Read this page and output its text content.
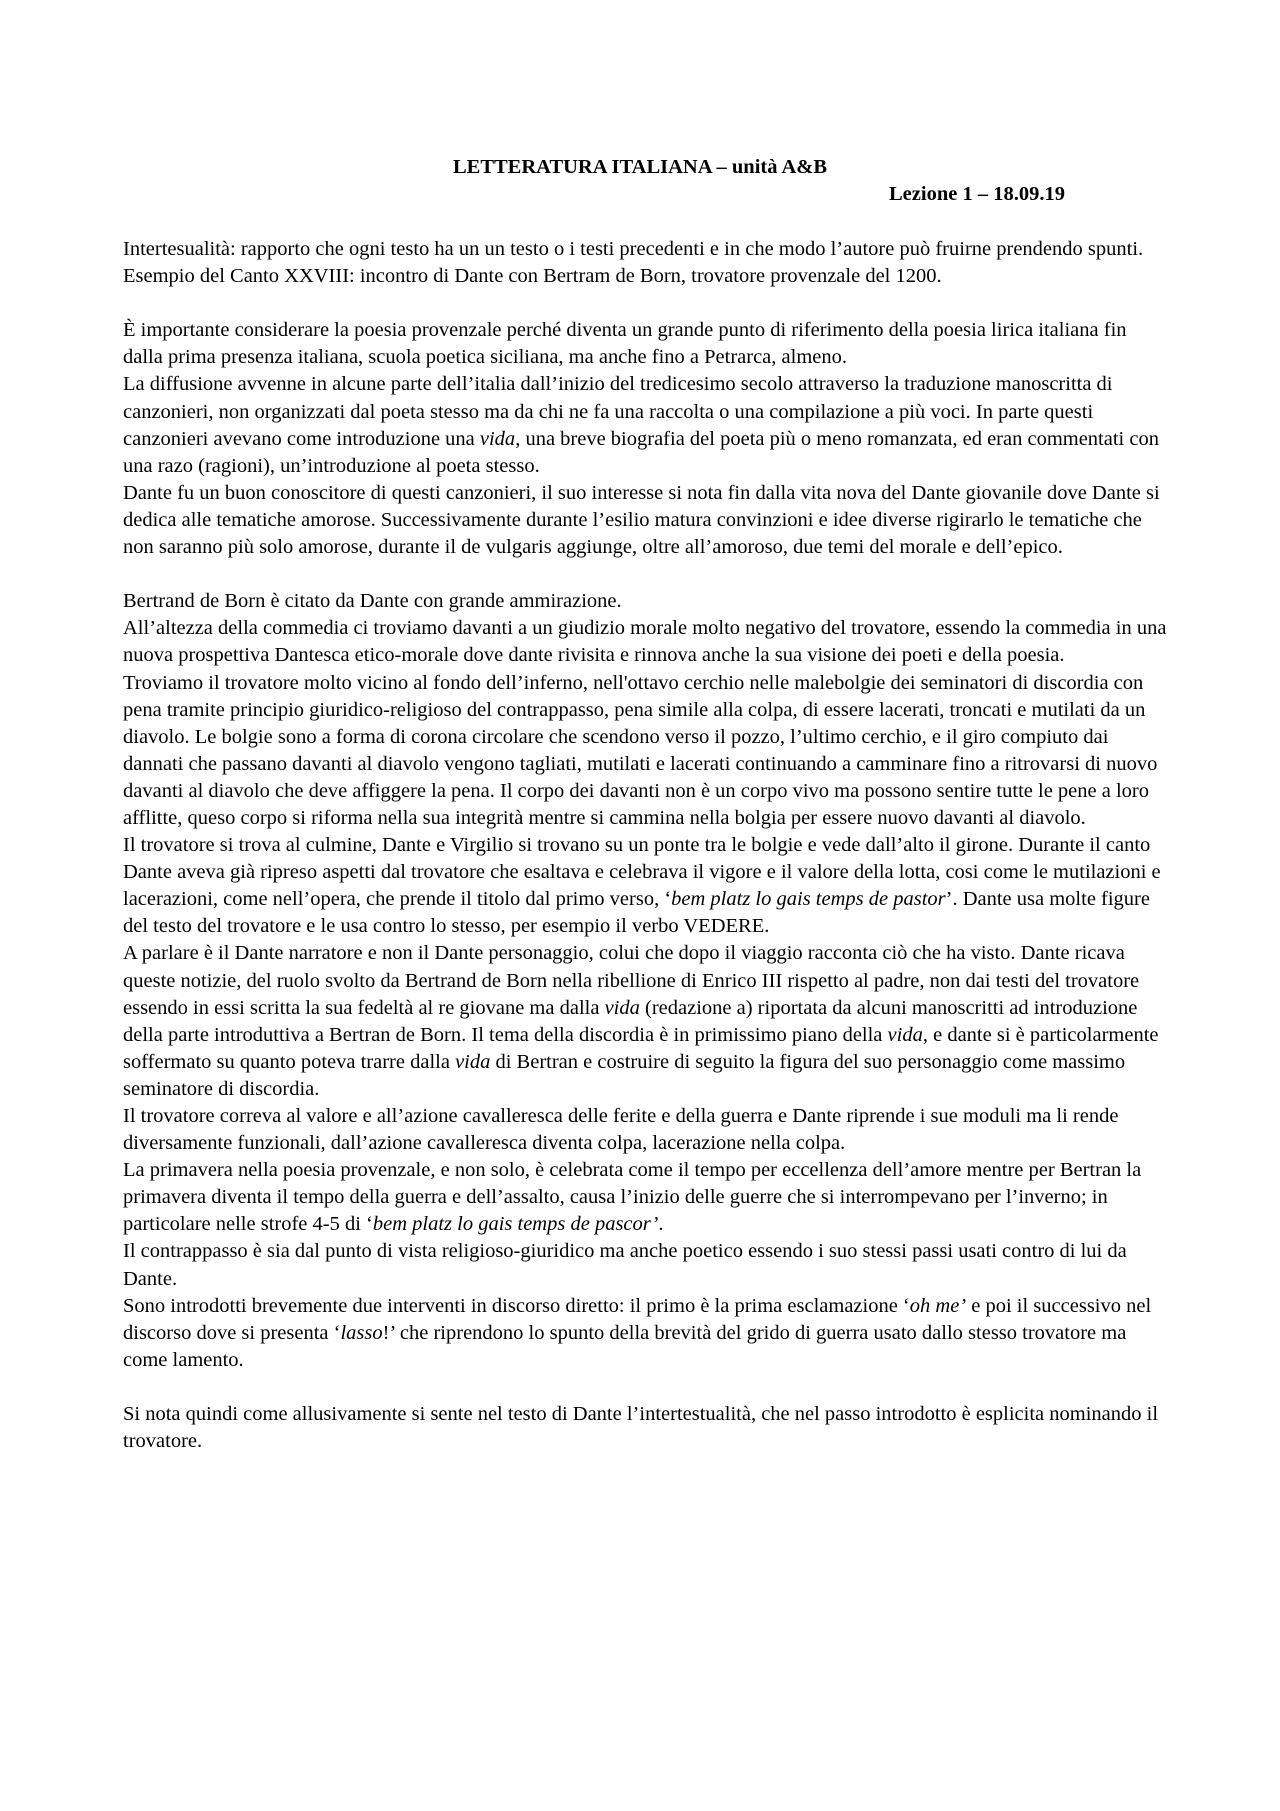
LETTERATURA ITALIANA – unità A&B

Lezione 1 – 18.09.19

Intertesualità: rapporto che ogni testo ha un un testo o i testi precedenti e in che modo l’autore può fruirne prendendo spunti.

Esempio del Canto XXVIII: incontro di Dante con Bertram de Born, trovatore provenzale del 1200.

È importante considerare la poesia provenzale perché diventa un grande punto di riferimento della poesia lirica italiana fin dalla prima presenza italiana, scuola poetica siciliana, ma anche fino a Petrarca, almeno.

La diffusione avvenne in alcune parte dell’italia dall’inizio del tredicesimo secolo attraverso la traduzione manoscritta di canzonieri, non organizzati dal poeta stesso ma da chi ne fa una raccolta o una compilazione a più voci. In parte questi canzonieri avevano come introduzione una vida, una breve biografia del poeta più o meno romanzata, ed eran commentati con una razo (ragioni), un’introduzione al poeta stesso.

Dante fu un buon conoscitore di questi canzonieri, il suo interesse si nota fin dalla vita nova del Dante giovanile dove Dante si dedica alle tematiche amorose. Successivamente durante l’esilio matura convinzioni e idee diverse rigirarlo le tematiche che non saranno più solo amorose, durante il de vulgaris aggiunge, oltre all’amoroso, due temi del morale e dell’epico.

Bertrand de Born è citato da Dante con grande ammirazione.

All’altezza della commedia ci troviamo davanti a un giudizio morale molto negativo del trovatore, essendo la commedia in una nuova prospettiva Dantesca etico-morale dove dante rivisita e rinnova anche la sua visione dei poeti e della poesia.

Troviamo il trovatore molto vicino al fondo dell’inferno, nell'ottavo cerchio nelle malebolgie dei seminatori di discordia con pena tramite principio giuridico-religioso del contrappasso, pena simile alla colpa, di essere lacerati, troncati e mutilati da un diavolo. Le bolgie sono a forma di corona circolare che scendono verso il pozzo, l’ultimo cerchio, e il giro compiuto dai dannati che passano davanti al diavolo vengono tagliati, mutilati e lacerati continuando a camminare fino a ritrovarsi di nuovo davanti al diavolo che deve affiggere la pena. Il corpo dei davanti non è un corpo vivo ma possono sentire tutte le pene a loro afflitte, queso corpo si riforma nella sua integrità mentre si cammina nella bolgia per essere nuovo davanti al diavolo.

Il trovatore si trova al culmine, Dante e Virgilio si trovano su un ponte tra le bolgie e vede dall’alto il girone. Durante il canto Dante aveva già ripreso aspetti dal trovatore che esaltava e celebrava il vigore e il valore della lotta, cosi come le mutilazioni e lacerazioni, come nell’opera, che prende il titolo dal primo verso, ‘bem platz lo gais temps de pastor’. Dante usa molte figure del testo del trovatore e le usa contro lo stesso, per esempio il verbo VEDERE.

A parlare è il Dante narratore e non il Dante personaggio, colui che dopo il viaggio racconta ciò che ha visto. Dante ricava queste notizie, del ruolo svolto da Bertrand de Born nella ribellione di Enrico III rispetto al padre, non dai testi del trovatore essendo in essi scritta la sua fedeltà al re giovane ma dalla vida (redazione a) riportata da alcuni manoscritti ad introduzione della parte introduttiva a Bertran de Born. Il tema della discordia è in primissimo piano della vida, e dante si è particolarmente soffermato su quanto poteva trarre dalla vida di Bertran e costruire di seguito la figura del suo personaggio come massimo seminatore di discordia.

Il trovatore correva al valore e all’azione cavalleresca delle ferite e della guerra e Dante riprende i sue moduli ma li rende diversamente funzionali, dall’azione cavalleresca diventa colpa, lacerazione nella colpa.

La primavera nella poesia provenzale, e non solo, è celebrata come il tempo per eccellenza dell’amore mentre per Bertran la primavera diventa il tempo della guerra e dell’assalto, causa l’inizio delle guerre che si interrompevano per l’inverno; in particolare nelle strofe 4-5 di ‘bem platz lo gais temps de pascor’.

Il contrappasso è sia dal punto di vista religioso-giuridico ma anche poetico essendo i suo stessi passi usati contro di lui da Dante.

Sono introdotti brevemente due interventi in discorso diretto: il primo è la prima esclamazione ‘oh me’ e poi il successivo nel discorso dove si presenta ‘lasso!’ che riprendono lo spunto della brevità del grido di guerra usato dallo stesso trovatore ma come lamento.

Si nota quindi come allusivamente si sente nel testo di Dante l’intertestualità, che nel passo introdotto è esplicita nominando il trovatore.
